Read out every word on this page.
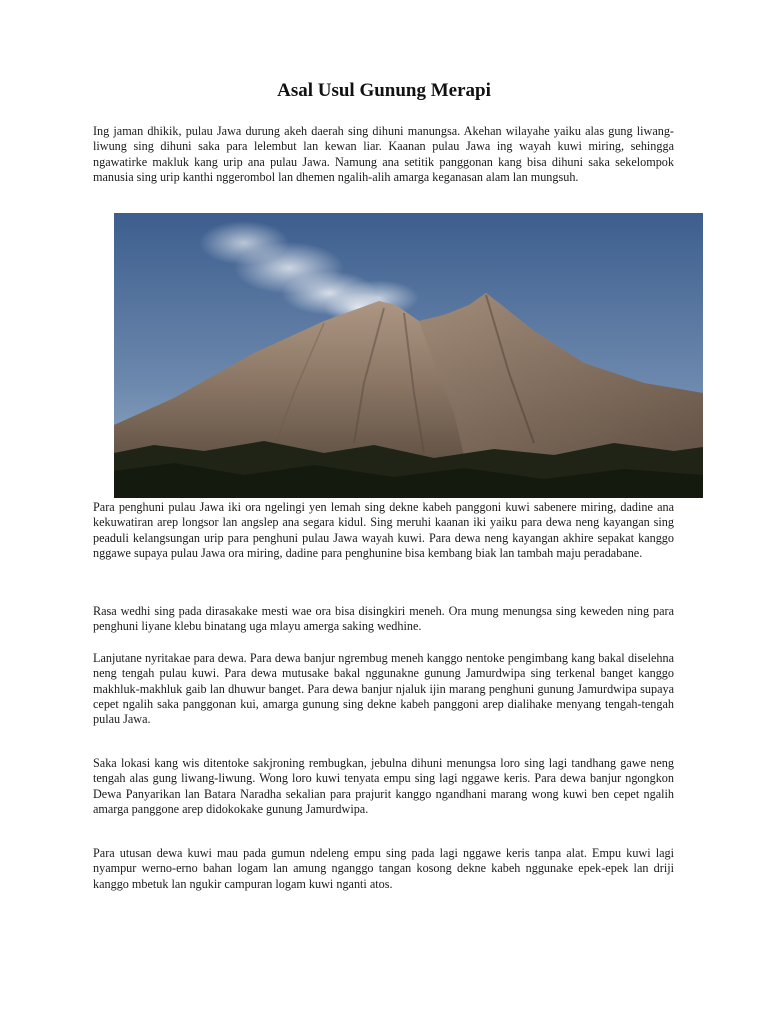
Asal Usul Gunung Merapi

Ing jaman dhikik, pulau Jawa durung akeh daerah sing dihuni manungsa. Akehan wilayahe yaiku alas gung liwang-liwung sing dihuni saka para lelembut lan kewan liar. Kaanan pulau Jawa ing wayah kuwi miring, sehingga ngawatirke makluk kang urip ana pulau Jawa. Namung ana setitik panggonan kang bisa dihuni saka sekelompok manusia sing urip kanthi nggerombol lan dhemen ngalih-alih amarga keganasan alam lan mungsuh.

Para penghuni pulau Jawa iki ora ngelingi yen lemah sing dekne kabeh panggoni kuwi sabenere miring, dadine ana kekuwatiran arep longsor lan angslep ana segara kidul. Sing meruhi kaanan iki yaiku para dewa neng kayangan sing peaduli kelangsungan urip para penghuni pulau Jawa wayah kuwi. Para dewa neng kayangan akhire sepakat kanggo nggawe supaya pulau Jawa ora miring, dadine para penghunine bisa kembang biak lan tambah maju peradabane.

Rasa wedhi sing pada dirasakake mesti wae ora bisa disingkiri meneh. Ora mung menungsa sing keweden ning para penghuni liyane klebu binatang uga mlayu amerga saking wedhine.

Lanjutane nyritakae para dewa. Para dewa banjur ngrembug meneh kanggo nentoke pengimbang kang bakal diselehna neng tengah pulau kuwi. Para dewa mutusake bakal nggunakne gunung Jamurdwipa sing terkenal banget kanggo makhluk-makhluk gaib lan dhuwur banget. Para dewa banjur njaluk ijin marang penghuni gunung Jamurdwipa supaya cepet ngalih saka panggonan kui, amarga gunung sing dekne kabeh panggoni arep dialihake menyang tengah-tengah pulau Jawa.

Saka lokasi kang wis ditentoke sakjroning rembugkan, jebulna dihuni menungsa loro sing lagi tandhang gawe neng tengah alas gung liwang-liwung. Wong loro kuwi tenyata empu sing lagi nggawe keris. Para dewa banjur ngongkon Dewa Panyarikan lan Batara Naradha sekalian para prajurit kanggo ngandhani marang wong kuwi ben cepet ngalih amarga panggone arep didokokake gunung Jamurdwipa.

Para utusan dewa kuwi mau pada gumun ndeleng empu sing pada lagi nggawe keris tanpa alat. Empu kuwi lagi nyampur werno-erno bahan logam lan amung nganggo tangan kosong dekne kabeh nggunake epek-epek lan driji kanggo mbetuk lan ngukir campuran logam kuwi nganti atos.
